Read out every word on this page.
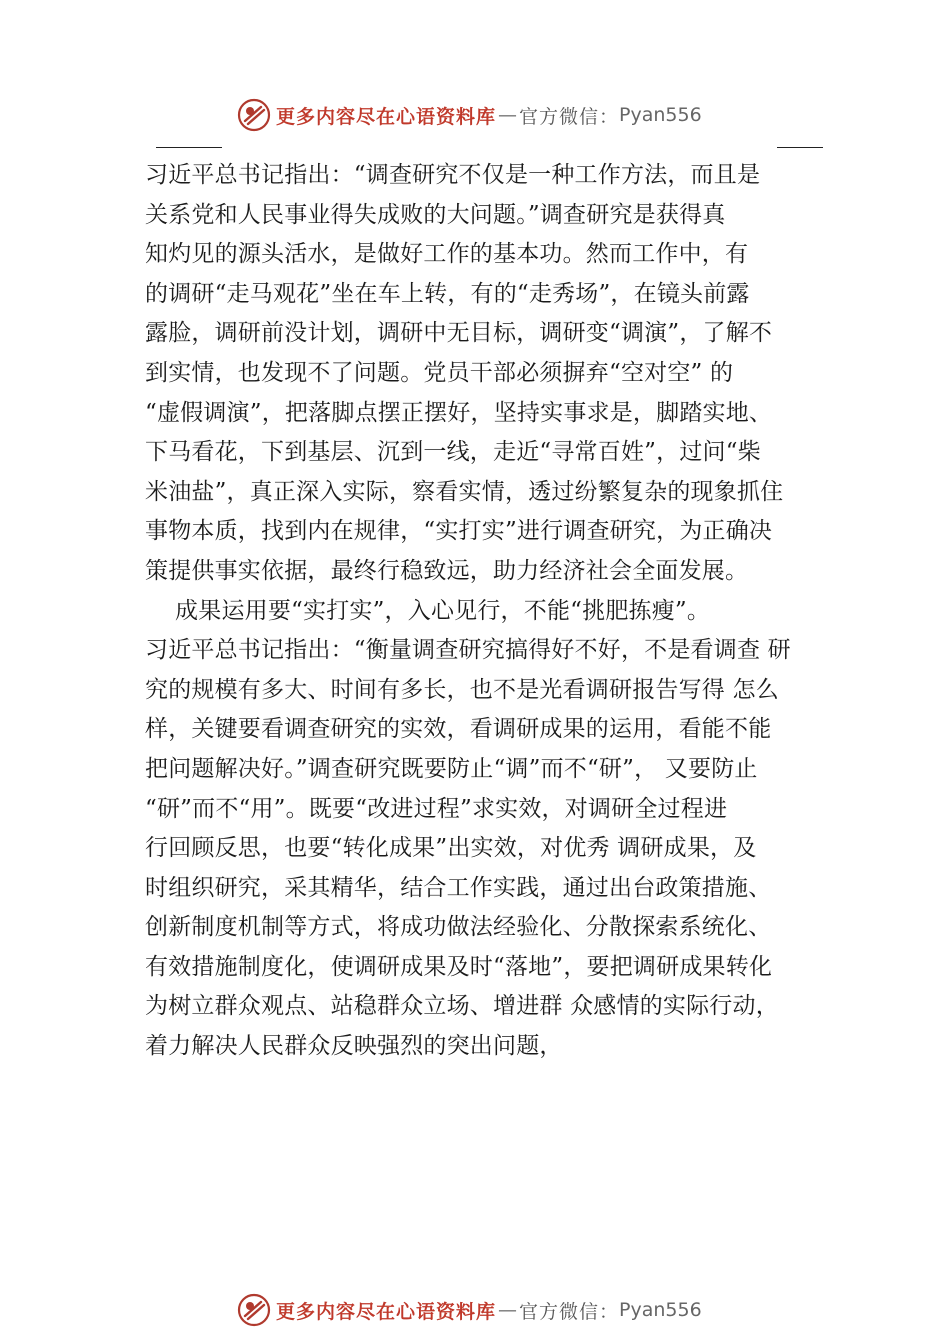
更多内容尽在心语资料库 — 官方微信： Pyan556
习近平总书记指出：“调查研究不仅是一种工作方法，而且是
关系党和人民事业得失成败的大问题。”调查研究是获得真
知灼见的源头活水，是做好工作的基本功。然而工作中，有
的调研“走马观花”坐在车上转，有的“走秀场”，在镜头前露
露脸，调研前没计划，调研中无目标，调研变“调演”，了解不
到实情，也发现不了问题。党员干部必须摒弃“空对空” 的
“虚假调演”，把落脚点摆正摆好，坚持实事求是，脚踏实地、
下马看花，下到基层、沉到一线，走近“寻常百姓”，过问“柴
米油盐”，真正深入实际，察看实情，透过纷繁复杂的现象抓住
事物本质，找到内在规律，“实打实”进行调查研究，为正确决
策提供事实依据，最终行稳致远，助力经济社会全面发展。
成果运用要“实打实”，入心见行，不能“挑肥拣瘦”。
习近平总书记指出：“衡量调查研究搞得好不好，不是看调查 研
究的规模有多大、时间有多长，也不是光看调研报告写得 怎么
样，关键要看调查研究的实效，看调研成果的运用，看能不能
把问题解决好。”调查研究既要防止“调”而不“研”， 又要防止
“研”而不“用”。既要“改进过程”求实效，对调研全过程进
行回顾反思，也要“转化成果”出实效，对优秀 调研成果，及
时组织研究，采其精华，结合工作实践，通过出台政策措施、
创新制度机制等方式，将成功做法经验化、分散探索系统化、
有效措施制度化，使调研成果及时“落地”，要把调研成果转化
为树立群众观点、站稳群众立场、增进群 众感情的实际行动，
着力解决人民群众反映强烈的突出问题，
更多内容尽在心语资料库 — 官方微信： Pyan556
